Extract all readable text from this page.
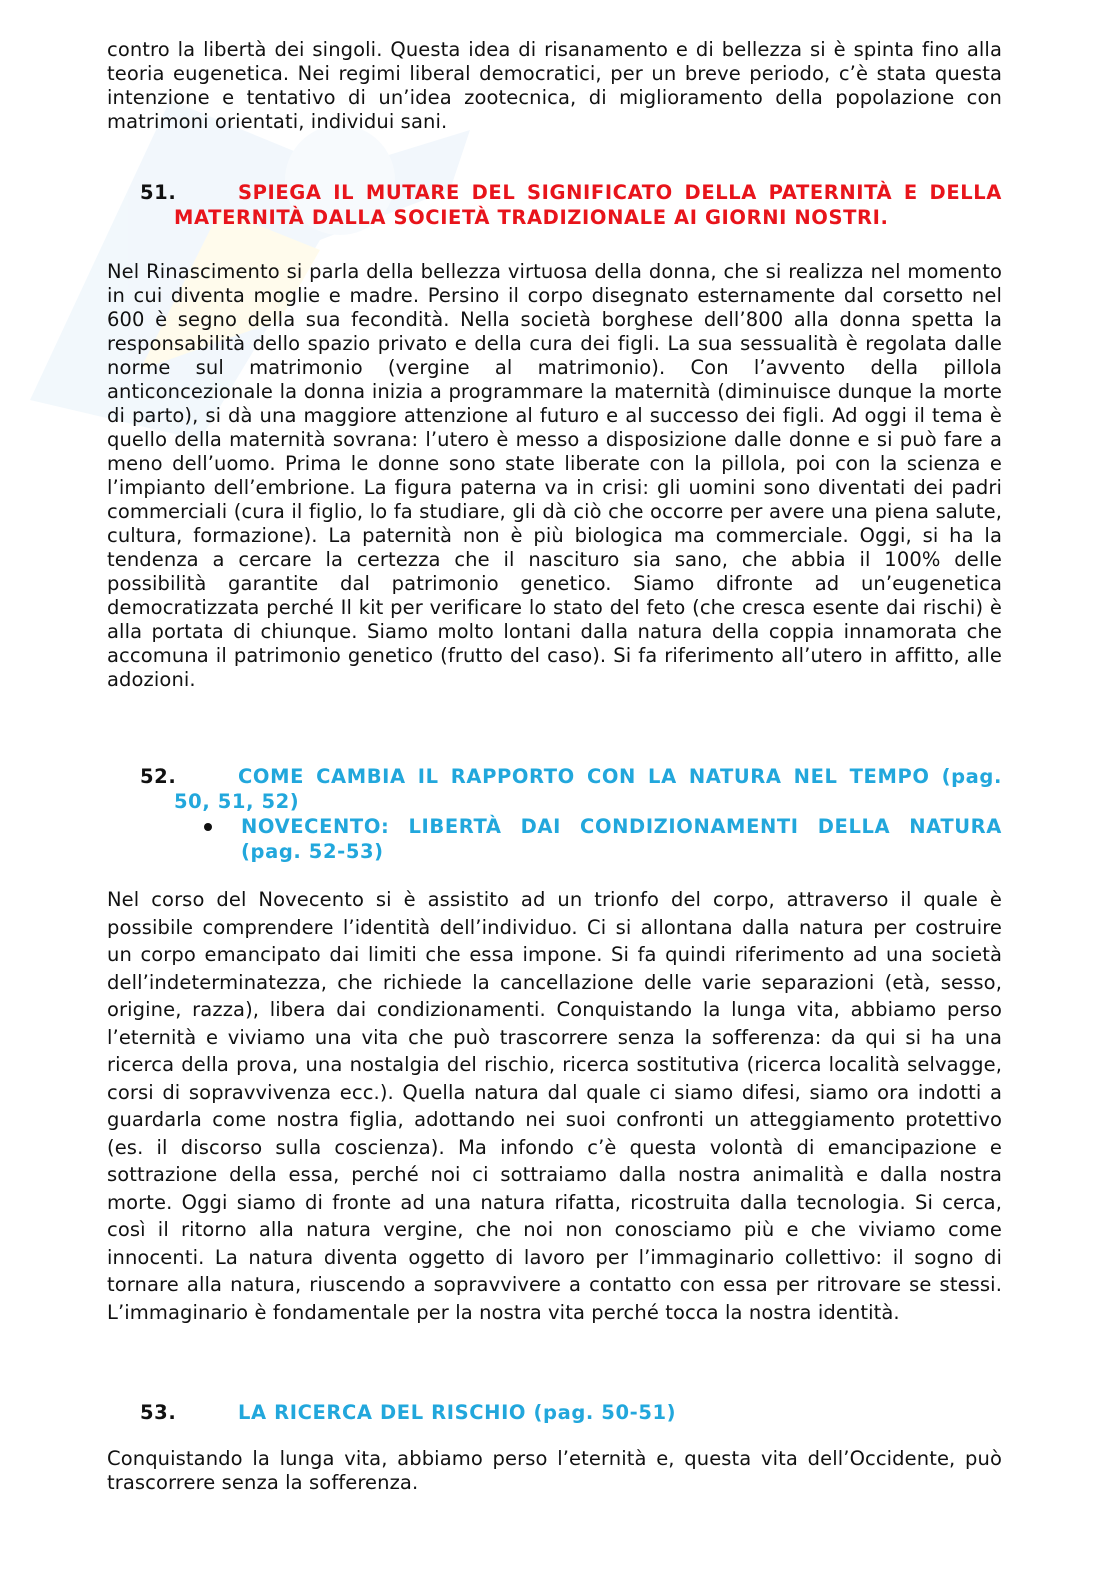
contro la libertà dei singoli. Questa idea di risanamento e di bellezza si è spinta fino alla teoria eugenetica. Nei regimi liberal democratici, per un breve periodo, c’è stata questa intenzione e tentativo di un’idea zootecnica, di miglioramento della popolazione con matrimoni orientati, individui sani.

51.	SPIEGA IL MUTARE DEL SIGNIFICATO DELLA PATERNITÀ E DELLA MATERNITÀ DALLA SOCIETÀ TRADIZIONALE AI GIORNI NOSTRI.

Nel Rinascimento si parla della bellezza virtuosa della donna, che si realizza nel momento in cui diventa moglie e madre. Persino il corpo disegnato esternamente dal corsetto nel 600 è segno della sua fecondità. Nella società borghese dell’800 alla donna spetta la responsabilità dello spazio privato e della cura dei figli. La sua sessualità è regolata dalle norme sul matrimonio (vergine al matrimonio). Con l’avvento della pillola anticoncezionale la donna inizia a programmare la maternità (diminuisce dunque la morte di parto), si dà una maggiore attenzione al futuro e al successo dei figli. Ad oggi il tema è quello della maternità sovrana: l’utero è messo a disposizione dalle donne e si può fare a meno dell’uomo. Prima le donne sono state liberate con la pillola, poi con la scienza e l’impianto dell’embrione. La figura paterna va in crisi: gli uomini sono diventati dei padri commerciali (cura il figlio, lo fa studiare, gli dà ciò che occorre per avere una piena salute, cultura, formazione). La paternità non è più biologica ma commerciale. Oggi, si ha la tendenza a cercare la certezza che il nascituro sia sano, che abbia il 100% delle possibilità garantite dal patrimonio genetico. Siamo difronte ad un’eugenetica democratizzata perché Il kit per verificare lo stato del feto (che cresca esente dai rischi) è alla portata di chiunque. Siamo molto lontani dalla natura della coppia innamorata che accomuna il patrimonio genetico (frutto del caso). Si fa riferimento all’utero in affitto, alle adozioni.

52.	COME CAMBIA IL RAPPORTO CON LA NATURA NEL TEMPO (pag. 50, 51, 52)
NOVECENTO: LIBERTÀ DAI CONDIZIONAMENTI DELLA NATURA (pag. 52-53)

Nel corso del Novecento si è assistito ad un trionfo del corpo, attraverso il quale è possibile comprendere l’identità dell’individuo. Ci si allontana dalla natura per costruire un corpo emancipato dai limiti che essa impone. Si fa quindi riferimento ad una società dell’indeterminatezza, che richiede la cancellazione delle varie separazioni (età, sesso, origine, razza), libera dai condizionamenti. Conquistando la lunga vita, abbiamo perso l’eternità e viviamo una vita che può trascorrere senza la sofferenza: da qui si ha una ricerca della prova, una nostalgia del rischio, ricerca sostitutiva (ricerca località selvagge, corsi di sopravvivenza ecc.). Quella natura dal quale ci siamo difesi, siamo ora indotti a guardarla come nostra figlia, adottando nei suoi confronti un atteggiamento protettivo (es. il discorso sulla coscienza). Ma infondo c’è questa volontà di emancipazione e sottrazione della essa, perché noi ci sottraiamo dalla nostra animalità e dalla nostra morte. Oggi siamo di fronte ad una natura rifatta, ricostruita dalla tecnologia. Si cerca, così il ritorno alla natura vergine, che noi non conosciamo più e che viviamo come innocenti. La natura diventa oggetto di lavoro per l’immaginario collettivo: il sogno di tornare alla natura, riuscendo a sopravvivere a contatto con essa per ritrovare se stessi. L’immaginario è fondamentale per la nostra vita perché tocca la nostra identità.

53.	LA RICERCA DEL RISCHIO (pag. 50-51)

Conquistando la lunga vita, abbiamo perso l’eternità e, questa vita dell’Occidente, può trascorrere senza la sofferenza.
